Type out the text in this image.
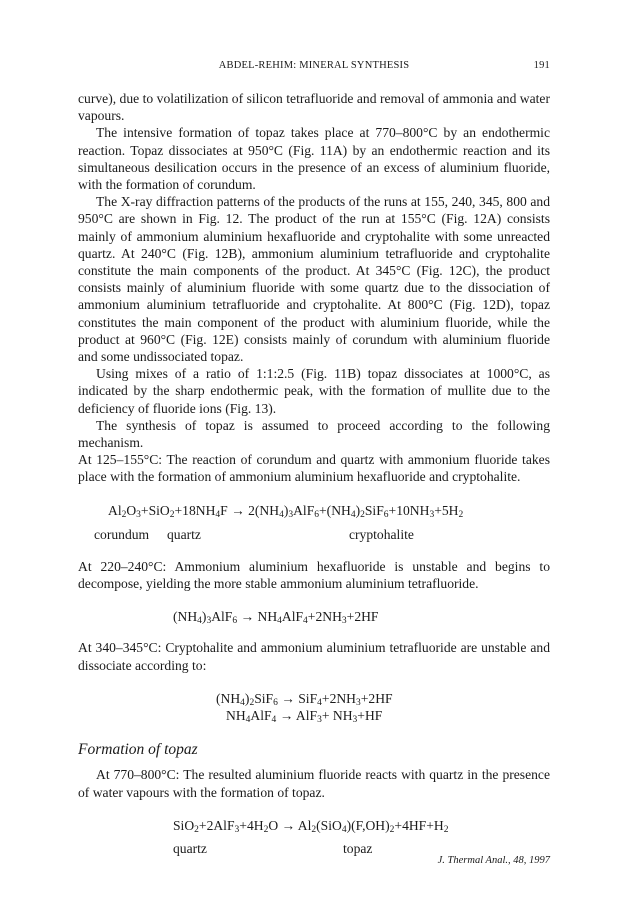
ABDEL-REHIM: MINERAL SYNTHESIS	191

curve), due to volatilization of silicon tetrafluoride and removal of ammonia and water vapours.

The intensive formation of topaz takes place at 770–800°C by an endothermic reaction. Topaz dissociates at 950°C (Fig. 11A) by an endothermic reaction and its simultaneous desilication occurs in the presence of an excess of aluminium fluoride, with the formation of corundum.

The X-ray diffraction patterns of the products of the runs at 155, 240, 345, 800 and 950°C are shown in Fig. 12. The product of the run at 155°C (Fig. 12A) consists mainly of ammonium aluminium hexafluoride and cryptohalite with some unreacted quartz. At 240°C (Fig. 12B), ammonium aluminium tetrafluoride and cryptohalite constitute the main components of the product. At 345°C (Fig. 12C), the product consists mainly of aluminium fluoride with some quartz due to the dissociation of ammonium aluminium tetrafluoride and cryptohalite. At 800°C (Fig. 12D), topaz constitutes the main component of the product with aluminium fluoride, while the product at 960°C (Fig. 12E) consists mainly of corundum with aluminium fluoride and some undissociated topaz.

Using mixes of a ratio of 1:1:2.5 (Fig. 11B) topaz dissociates at 1000°C, as indicated by the sharp endothermic peak, with the formation of mullite due to the deficiency of fluoride ions (Fig. 13).

The synthesis of topaz is assumed to proceed according to the following mechanism.

At 125–155°C: The reaction of corundum and quartz with ammonium fluoride takes place with the formation of ammonium aluminium hexafluoride and cryptohalite.

$Al_2O_3+SiO_2+18NH_4F \to 2(NH_4)_3AlF_6+(NH_4)_2SiF_6+10NH_3+5H_2$
corundum quartz	cryptohalite

At 220–240°C: Ammonium aluminium hexafluoride is unstable and begins to decompose, yielding the more stable ammonium aluminium tetrafluoride.

$(NH_4)_3AlF_6 \to NH_4AlF_4+2NH_3+2HF$

At 340–345°C: Cryptohalite and ammonium aluminium tetrafluoride are unstable and dissociate according to:

$(NH_4)_2SiF_6 \to SiF_4+2NH_3+2HF$
$NH_4AlF_4 \to AlF_3+ NH_3+HF$
Formation of topaz

At 770–800°C: The resulted aluminium fluoride reacts with quartz in the presence of water vapours with the formation of topaz.

$SiO_2+2AlF_3+4H_2O \to Al_2(SiO_4)(F,OH)_2+4HF+H_2$
quartz	topaz
J. Thermal Anal., 48, 1997
